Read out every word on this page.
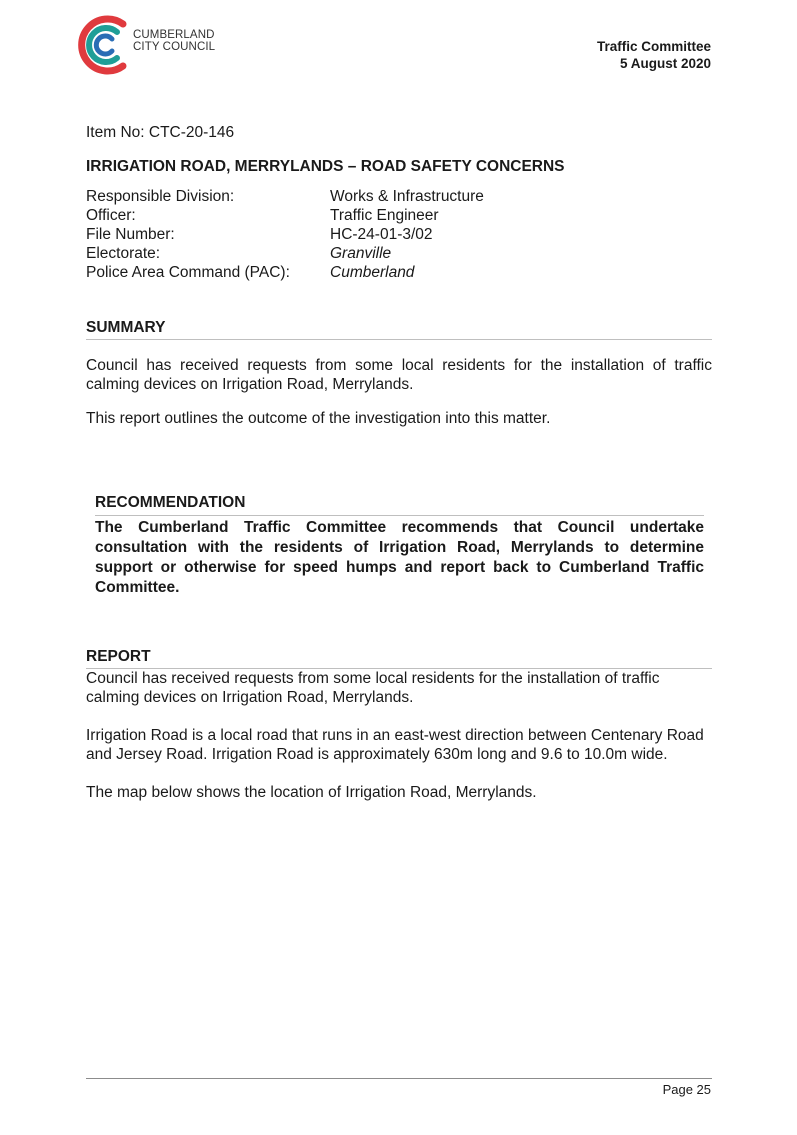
CUMBERLAND
CITY COUNCIL	Traffic Committee
5 August 2020
Item No: CTC-20-146
IRRIGATION ROAD, MERRYLANDS – ROAD SAFETY CONCERNS
Responsible Division:	Works & Infrastructure
Officer:	Traffic Engineer
File Number:	HC-24-01-3/02
Electorate:	Granville
Police Area Command (PAC):	Cumberland
SUMMARY

Council has received requests from some local residents for the installation of traffic calming devices on Irrigation Road, Merrylands.

This report outlines the outcome of the investigation into this matter.

RECOMMENDATION
The Cumberland Traffic Committee recommends that Council undertake consultation with the residents of Irrigation Road, Merrylands to determine support or otherwise for speed humps and report back to Cumberland Traffic Committee.
REPORT

Council has received requests from some local residents for the installation of traffic calming devices on Irrigation Road, Merrylands.

Irrigation Road is a local road that runs in an east-west direction between Centenary Road and Jersey Road. Irrigation Road is approximately 630m long and 9.6 to 10.0m wide.

The map below shows the location of Irrigation Road, Merrylands.

Page 25
